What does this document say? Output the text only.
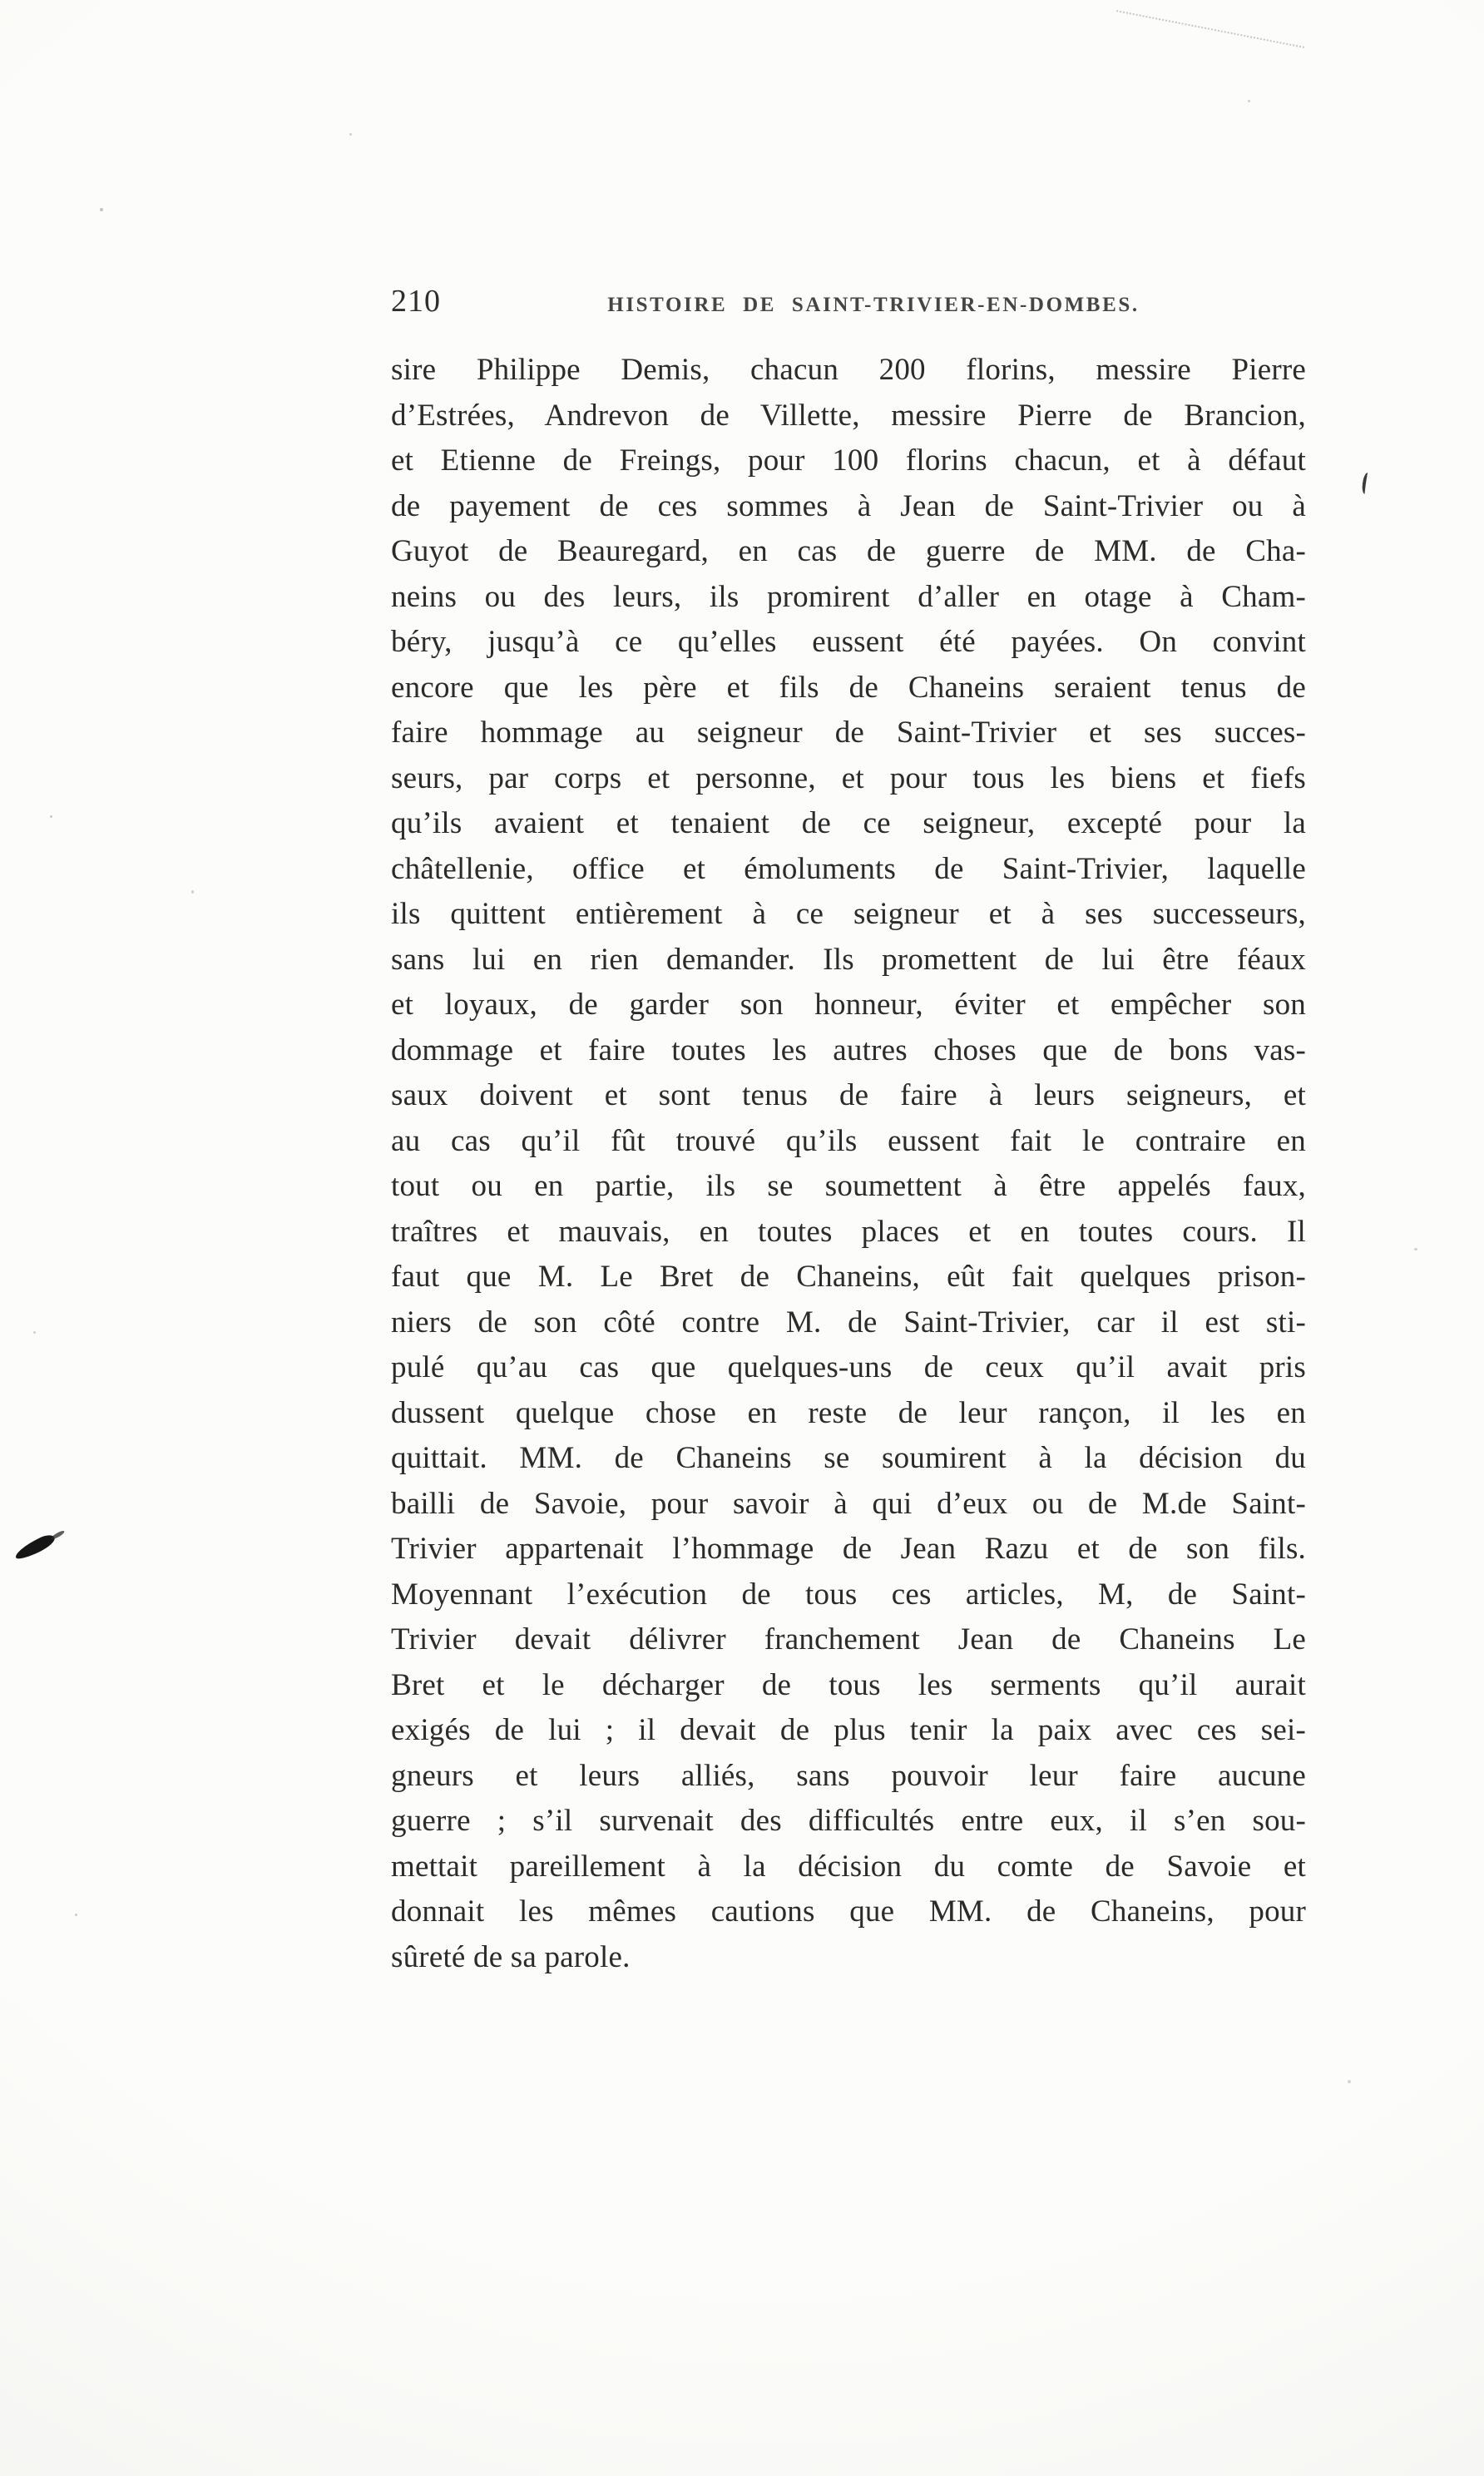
210	HISTOIRE DE SAINT-TRIVIER-EN-DOMBES.
sire Philippe Demis, chacun 200 florins, messire Pierre
d’Estrées, Andrevon de Villette, messire Pierre de Brancion,
et Etienne de Freings, pour 100 florins chacun, et à défaut
de payement de ces sommes à Jean de Saint-Trivier ou à
Guyot de Beauregard, en cas de guerre de MM. de Cha-
neins ou des leurs, ils promirent d’aller en otage à Cham-
béry, jusqu’à ce qu’elles eussent été payées. On convint
encore que les père et fils de Chaneins seraient tenus de
faire hommage au seigneur de Saint-Trivier et ses succes-
seurs, par corps et personne, et pour tous les biens et fiefs
qu’ils avaient et tenaient de ce seigneur, excepté pour la
châtellenie, office et émoluments de Saint-Trivier, laquelle
ils quittent entièrement à ce seigneur et à ses successeurs,
sans lui en rien demander. Ils promettent de lui être féaux
et loyaux, de garder son honneur, éviter et empêcher son
dommage et faire toutes les autres choses que de bons vas-
saux doivent et sont tenus de faire à leurs seigneurs, et
au cas qu’il fût trouvé qu’ils eussent fait le contraire en
tout ou en partie, ils se soumettent à être appelés faux,
traîtres et mauvais, en toutes places et en toutes cours. Il
faut que M. Le Bret de Chaneins, eût fait quelques prison-
niers de son côté contre M. de Saint-Trivier, car il est sti-
pulé qu’au cas que quelques-uns de ceux qu’il avait pris
dussent quelque chose en reste de leur rançon, il les en
quittait. MM. de Chaneins se soumirent à la décision du
bailli de Savoie, pour savoir à qui d’eux ou de M.de Saint-
Trivier appartenait l’hommage de Jean Razu et de son fils.
Moyennant l’exécution de tous ces articles, M, de Saint-
Trivier devait délivrer franchement Jean de Chaneins Le
Bret et le décharger de tous les serments qu’il aurait
exigés de lui ; il devait de plus tenir la paix avec ces sei-
gneurs et leurs alliés, sans pouvoir leur faire aucune
guerre ; s’il survenait des difficultés entre eux, il s’en sou-
mettait pareillement à la décision du comte de Savoie et
donnait les mêmes cautions que MM. de Chaneins, pour
sûreté de sa parole.
